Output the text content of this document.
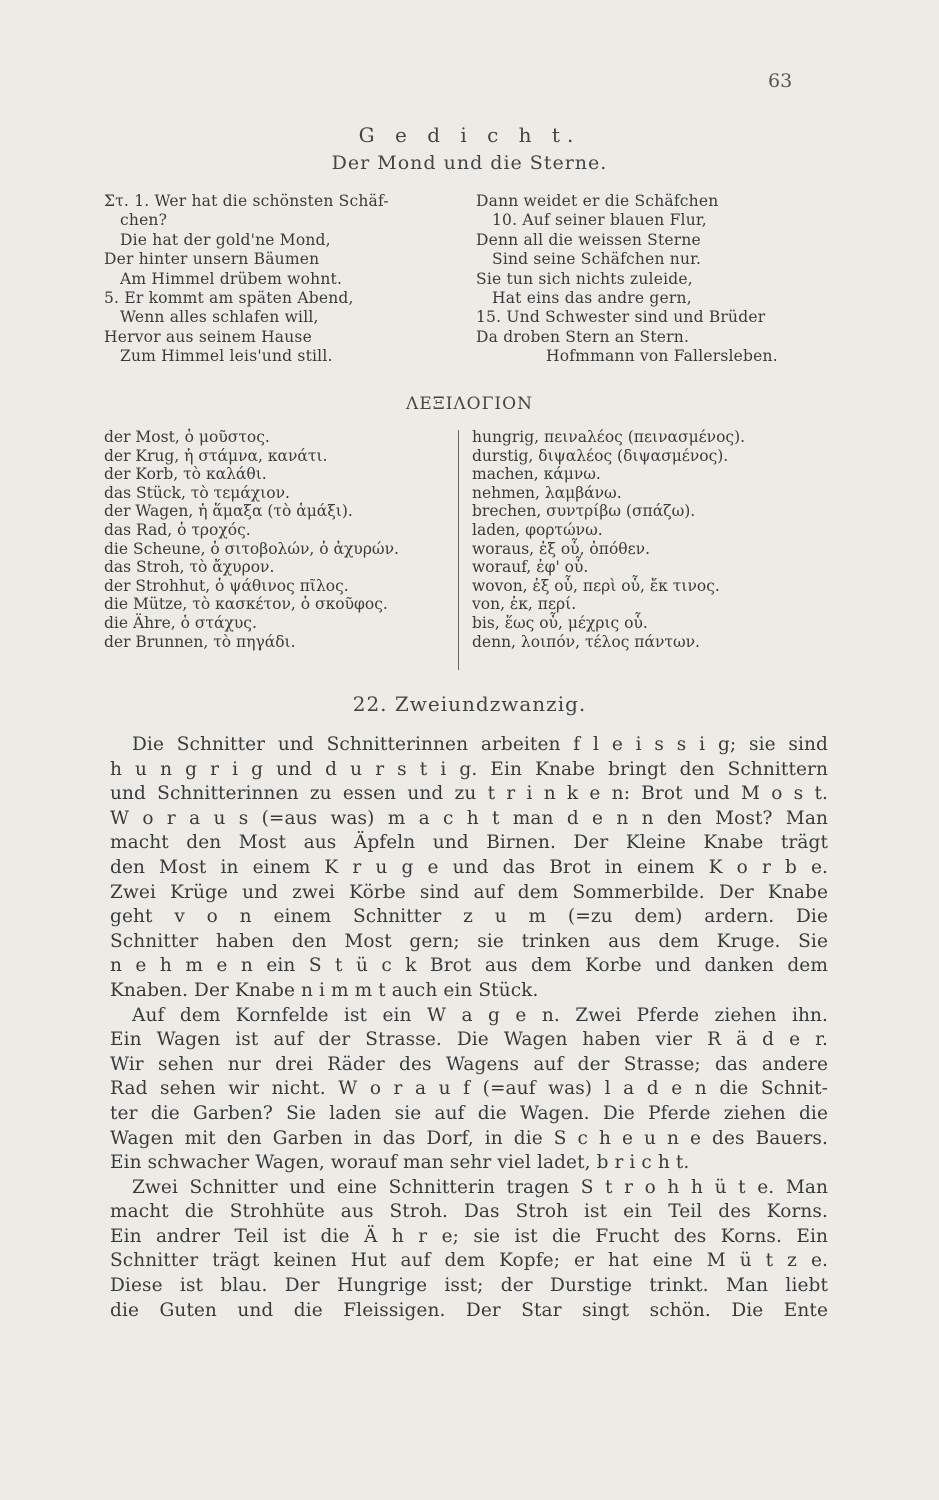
63
G e d i c h t.
Der Mond und die Sterne.
Στ. 1. Wer hat die schönsten Schäf-
chen?
Die hat der gold'ne Mond,
Der hinter unsern Bäumen
Am Himmel drübem wohnt.
5. Er kommt am späten Abend,
Wenn alles schlafen will,
Hervor aus seinem Hause
Zum Himmel leis'und still.
Dann weidet er die Schäfchen
10. Auf seiner blauen Flur,
Denn all die weissen Sterne
Sind seine Schäfchen nur.
Sie tun sich nichts zuleide,
Hat eins das andre gern,
15. Und Schwester sind und Brüder
Da droben Stern an Stern.
Hofmmann von Fallersleben.
ΛΕΞΙΛΟΓΙΟΝ
der Most, ὁ μοῦστος.
der Krug, ἡ στάμνα, κανάτι.
der Korb, τὸ καλάθι.
das Stück, τὸ τεμάχιον.
der Wagen, ἡ ἅμαξα (τὸ ἁμάξι).
das Rad, ὁ τροχός.
die Scheune, ὁ σιτοβολών, ὁ ἀχυρών.
das Stroh, τὸ ἄχυρον.
der Strohhut, ὁ ψάθινος πῖλος.
die Mütze, τὸ κασκέτον, ὁ σκοῦφος.
die Ähre, ὁ στάχυς.
der Brunnen, τὸ πηγάδι.
hungrig, πεινaλέος (πεινασμένος).
durstig, διψαλέος (διψασμένος).
machen, κάμνω.
nehmen, λαμβάνω.
brechen, συντρίβω (σπάζω).
laden, φορτώνω.
woraus, ἐξ οὗ, ὁπόθεν.
worauf, ἐφ' οὗ.
wovon, ἐξ οὗ, περὶ οὗ, ἔκ τινος.
von, ἐκ, περί.
bis, ἕως οὗ, μέχρις οὗ.
denn, λοιπόν, τέλος πάντων.
22. Zweiundzwanzig.
Die Schnitter und Schnitterinnen arbeiten f l e i s s i g; sie sind
h u n g r i g und d u r s t i g. Ein Knabe bringt den Schnittern
und Schnitterinnen zu essen und zu t r i n k e n: Brot und M o s t.
W o r a u s (=aus was) m a c h t man d e n n den Most? Man
macht den Most aus Äpfeln und Birnen. Der Kleine Knabe trägt
den Most in einem K r u g e und das Brot in einem K o r b e.
Zwei Krüge und zwei Körbe sind auf dem Sommerbilde. Der Knabe
geht v o n einem Schnitter z u m (=zu dem) ardern. Die
Schnitter haben den Most gern; sie trinken aus dem Kruge. Sie
n e h m e n ein S t ü c k Brot aus dem Korbe und danken dem
Knaben. Der Knabe n i m m t auch ein Stück.
Auf dem Kornfelde ist ein W a g e n. Zwei Pferde ziehen ihn.
Ein Wagen ist auf der Strasse. Die Wagen haben vier R ä d e r.
Wir sehen nur drei Räder des Wagens auf der Strasse; das andere
Rad sehen wir nicht. W o r a u f (=auf was) l a d e n die Schnit-
ter die Garben? Sie laden sie auf die Wagen. Die Pferde ziehen die
Wagen mit den Garben in das Dorf, in die S c h e u n e des Bauers.
Ein schwacher Wagen, worauf man sehr viel ladet, b r i c h t.
Zwei Schnitter und eine Schnitterin tragen S t r o h h ü t e. Man
macht die Strohhüte aus Stroh. Das Stroh ist ein Teil des Korns.
Ein andrer Teil ist die Ä h r e; sie ist die Frucht des Korns. Ein
Schnitter trägt keinen Hut auf dem Kopfe; er hat eine M ü t z e.
Diese ist blau. Der Hungrige isst; der Durstige trinkt. Man liebt
die Guten und die Fleissigen. Der Star singt schön. Die Ente
